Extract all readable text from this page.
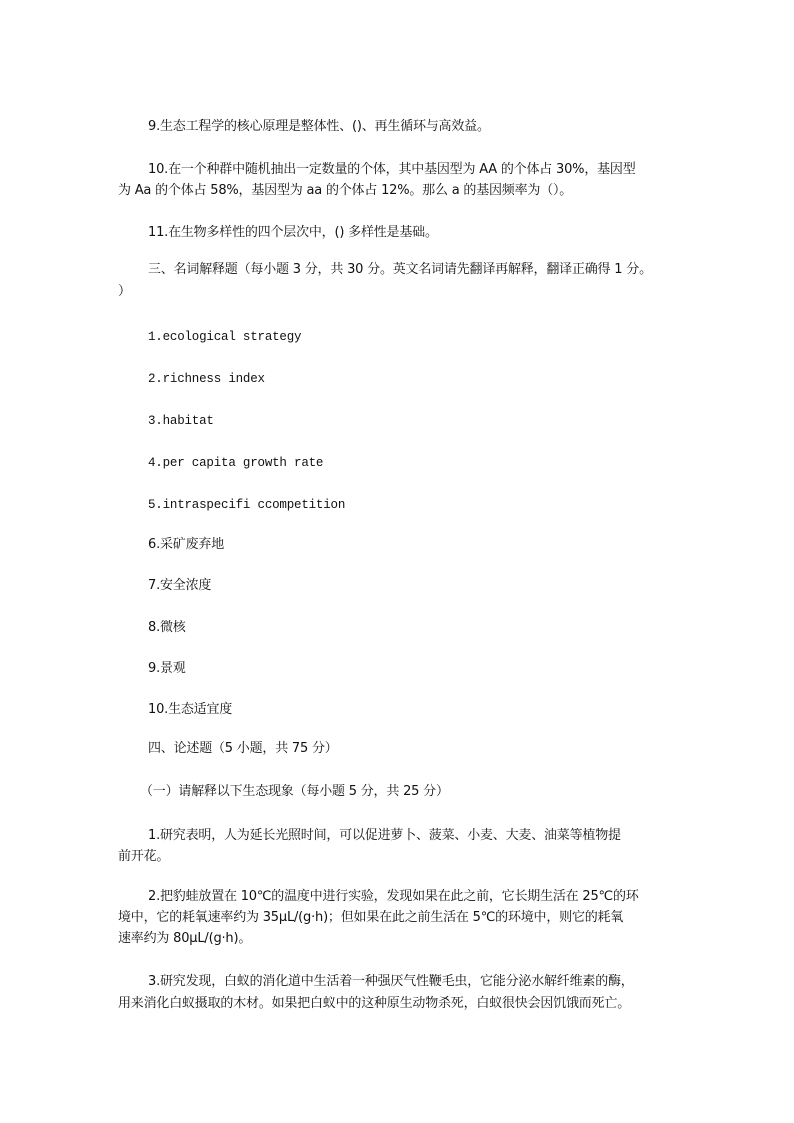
9.生态工程学的核心原理是整体性、()、再生循环与高效益。
10.在一个种群中随机抽出一定数量的个体，其中基因型为 AA 的个体占 30%，基因型
为 Aa 的个体占 58%，基因型为 aa 的个体占 12%。那么 a 的基因频率为（）。
11.在生物多样性的四个层次中，() 多样性是基础。
三、名词解释题（每小题 3 分，共 30 分。英文名词请先翻译再解释，翻译正确得 1 分。
）
1.ecological strategy
2.richness index
3.habitat
4.per capita growth rate
5.intraspecifi ccompetition
6.采矿废弃地
7.安全浓度
8.微核
9.景观
10.生态适宜度
四、论述题（5 小题，共 75 分）
（一）请解释以下生态现象（每小题 5 分，共 25 分）
1.研究表明，人为延长光照时间，可以促进萝卜、菠菜、小麦、大麦、油菜等植物提
前开花。
2.把豹蛙放置在 10℃的温度中进行实验，发现如果在此之前，它长期生活在 25℃的环
境中，它的耗氧速率约为 35μL/(g·h)；但如果在此之前生活在 5℃的环境中，则它的耗氧
速率约为 80μL/(g·h)。
3.研究发现，白蚁的消化道中生活着一种强厌气性鞭毛虫，它能分泌水解纤维素的酶，
用来消化白蚁摄取的木材。如果把白蚁中的这种原生动物杀死，白蚁很快会因饥饿而死亡。
